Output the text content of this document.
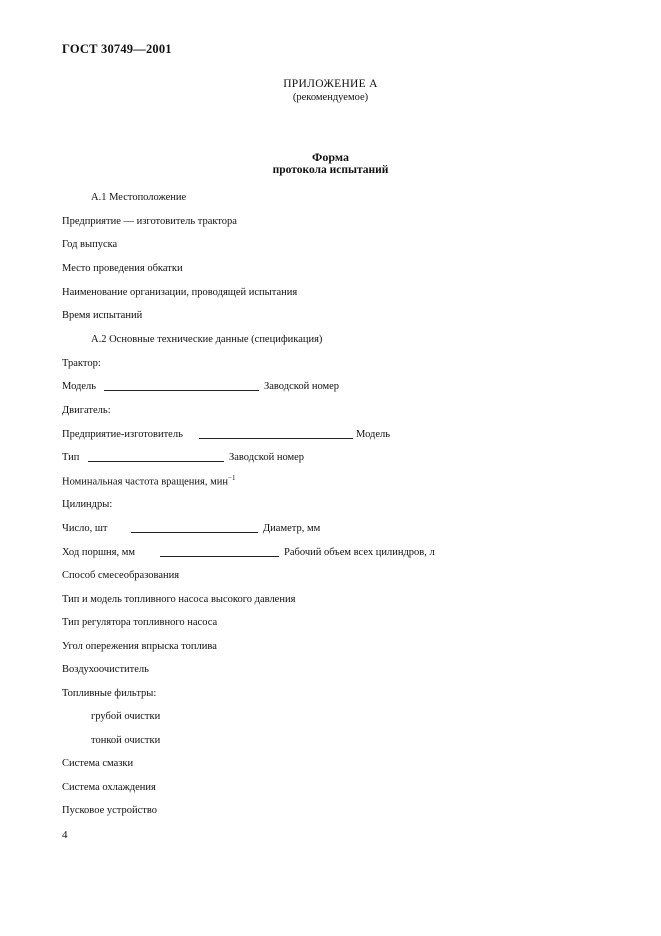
ГОСТ 30749—2001
ПРИЛОЖЕНИЕ А
(рекомендуемое)
Форма
протокола испытаний
А.1 Местоположение
Предприятие — изготовитель трактора
Год выпуска
Место проведения обкатки
Наименование организации, проводящей испытания
Время испытаний
А.2 Основные технические данные (спецификация)
Трактор:
Модель	Заводской номер
Двигатель:
Предприятие-изготовитель	Модель
Тип	Заводской номер
Номинальная частота вращения, мин$^{-1}$
Цилиндры:
Число, шт	Диаметр, мм
Ход поршня, мм	Рабочий объем всех цилиндров, л
Способ смесеобразования
Тип и модель топливного насоса высокого давления
Тип регулятора топливного насоса
Угол опережения впрыска топлива
Воздухоочиститель
Топливные фильтры:
грубой очистки
тонкой очистки
Система смазки
Система охлаждения
Пусковое устройство
4
